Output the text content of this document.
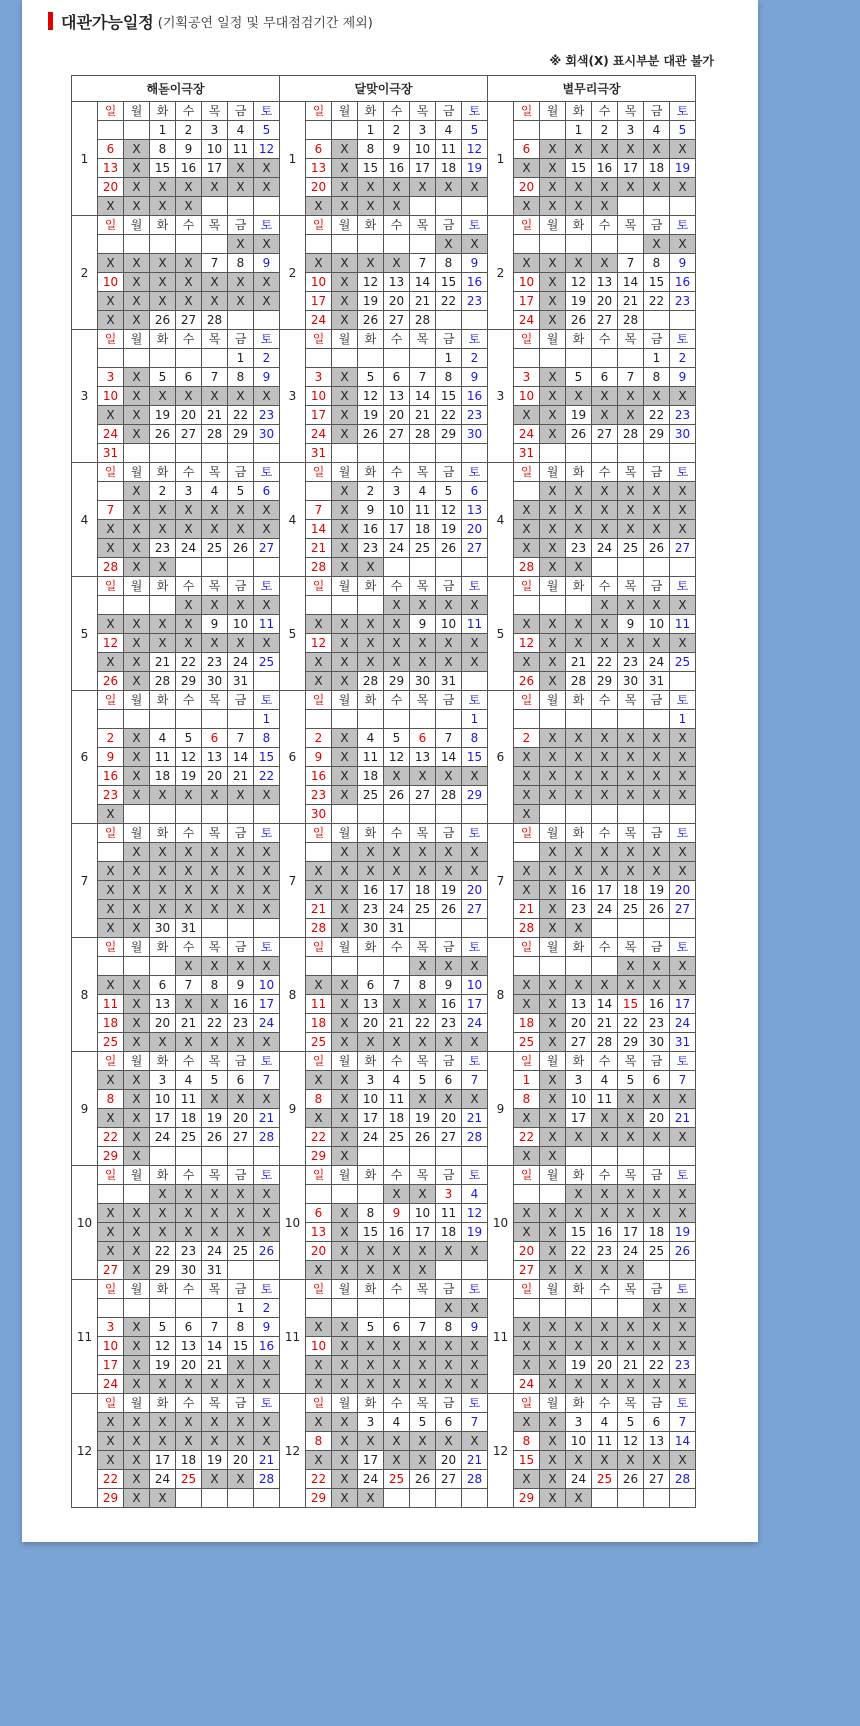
대관가능일정 (기획공연 일정 및 무대점검기간 제외)
※ 회색(X) 표시부분 대관 불가
해돋이극장								달맞이극장								별무리극장							
1	일	월	화	수	목	금	토	1	일	월	화	수	목	금	토	1	일	월	화	수	목	금	토
			1	2	3	4	5				1	2	3	4	5				1	2	3	4	5
	6	X	8	9	10	11	12		6	X	8	9	10	11	12		6	X	X	X	X	X	X
	13	X	15	16	17	X	X		13	X	15	16	17	18	19		X	X	15	16	17	18	19
	20	X	X	X	X	X	X		20	X	X	X	X	X	X		20	X	X	X	X	X	X
	X	X	X	X					X	X	X	X					X	X	X	X			
2	일	월	화	수	목	금	토	2	일	월	화	수	목	금	토	2	일	월	화	수	목	금	토
						X	X							X	X							X	X
	X	X	X	X	7	8	9		X	X	X	X	7	8	9		X	X	X	X	7	8	9
	10	X	X	X	X	X	X		10	X	12	13	14	15	16		10	X	12	13	14	15	16
	X	X	X	X	X	X	X		17	X	19	20	21	22	23		17	X	19	20	21	22	23
	X	X	26	27	28				24	X	26	27	28				24	X	26	27	28		
3	일	월	화	수	목	금	토	3	일	월	화	수	목	금	토	3	일	월	화	수	목	금	토
						1	2							1	2							1	2
	3	X	5	6	7	8	9		3	X	5	6	7	8	9		3	X	5	6	7	8	9
	10	X	X	X	X	X	X		10	X	12	13	14	15	16		10	X	X	X	X	X	X
	X	X	19	20	21	22	23		17	X	19	20	21	22	23		X	X	19	X	X	22	23
	24	X	26	27	28	29	30		24	X	26	27	28	29	30		24	X	26	27	28	29	30
	31								31								31						
4	일	월	화	수	목	금	토	4	일	월	화	수	목	금	토	4	일	월	화	수	목	금	토
		X	2	3	4	5	6			X	2	3	4	5	6			X	X	X	X	X	X
	7	X	X	X	X	X	X		7	X	9	10	11	12	13		X	X	X	X	X	X	X
	X	X	X	X	X	X	X		14	X	16	17	18	19	20		X	X	X	X	X	X	X
	X	X	23	24	25	26	27		21	X	23	24	25	26	27		X	X	23	24	25	26	27
	28	X	X						28	X	X						28	X	X				
5	일	월	화	수	목	금	토	5	일	월	화	수	목	금	토	5	일	월	화	수	목	금	토
				X	X	X	X					X	X	X	X					X	X	X	X
	X	X	X	X	9	10	11		X	X	X	X	9	10	11		X	X	X	X	9	10	11
	12	X	X	X	X	X	X		12	X	X	X	X	X	X		12	X	X	X	X	X	X
	X	X	21	22	23	24	25		X	X	X	X	X	X	X		X	X	21	22	23	24	25
	26	X	28	29	30	31			X	X	28	29	30	31			26	X	28	29	30	31	
6	일	월	화	수	목	금	토	6	일	월	화	수	목	금	토	6	일	월	화	수	목	금	토
							1								1								1
	2	X	4	5	6	7	8		2	X	4	5	6	7	8		2	X	X	X	X	X	X
	9	X	11	12	13	14	15		9	X	11	12	13	14	15		X	X	X	X	X	X	X
	16	X	18	19	20	21	22		16	X	18	X	X	X	X		X	X	X	X	X	X	X
	23	X	X	X	X	X	X		23	X	25	26	27	28	29		X	X	X	X	X	X	X
	X								30								X						
7	일	월	화	수	목	금	토	7	일	월	화	수	목	금	토	7	일	월	화	수	목	금	토
		X	X	X	X	X	X			X	X	X	X	X	X			X	X	X	X	X	X
	X	X	X	X	X	X	X		X	X	X	X	X	X	X		X	X	X	X	X	X	X
	X	X	X	X	X	X	X		X	X	16	17	18	19	20		X	X	16	17	18	19	20
	X	X	X	X	X	X	X		21	X	23	24	25	26	27		21	X	23	24	25	26	27
	X	X	30	31					28	X	30	31					28	X	X				
8	일	월	화	수	목	금	토	8	일	월	화	수	목	금	토	8	일	월	화	수	목	금	토
				X	X	X	X						X	X	X						X	X	X
	X	X	6	7	8	9	10		X	X	6	7	8	9	10		X	X	X	X	X	X	X
	11	X	13	X	X	16	17		11	X	13	X	X	16	17		X	X	13	14	15	16	17
	18	X	20	21	22	23	24		18	X	20	21	22	23	24		18	X	20	21	22	23	24
	25	X	X	X	X	X	X		25	X	X	X	X	X	X		25	X	27	28	29	30	31
9	일	월	화	수	목	금	토	9	일	월	화	수	목	금	토	9	일	월	화	수	목	금	토
	X	X	3	4	5	6	7		X	X	3	4	5	6	7		1	X	3	4	5	6	7
	8	X	10	11	X	X	X		8	X	10	11	X	X	X		8	X	10	11	X	X	X
	X	X	17	18	19	20	21		X	X	17	18	19	20	21		X	X	17	X	X	20	21
	22	X	24	25	26	27	28		22	X	24	25	26	27	28		22	X	X	X	X	X	X
	29	X							29	X							X	X					
10	일	월	화	수	목	금	토	10	일	월	화	수	목	금	토	10	일	월	화	수	목	금	토
			X	X	X	X	X					X	X	3	4				X	X	X	X	X
	X	X	X	X	X	X	X		6	X	8	9	10	11	12		X	X	X	X	X	X	X
	X	X	X	X	X	X	X		13	X	15	16	17	18	19		X	X	15	16	17	18	19
	X	X	22	23	24	25	26		20	X	X	X	X	X	X		20	X	22	23	24	25	26
	27	X	29	30	31				X	X	X	X	X				27	X	X	X	X		
11	일	월	화	수	목	금	토	11	일	월	화	수	목	금	토	11	일	월	화	수	목	금	토
						1	2							X	X							X	X
	3	X	5	6	7	8	9		X	X	5	6	7	8	9		X	X	X	X	X	X	X
	10	X	12	13	14	15	16		10	X	X	X	X	X	X		X	X	X	X	X	X	X
	17	X	19	20	21	X	X		X	X	X	X	X	X	X		X	X	19	20	21	22	23
	24	X	X	X	X	X	X		X	X	X	X	X	X	X		24	X	X	X	X	X	X
12	일	월	화	수	목	금	토	12	일	월	화	수	목	금	토	12	일	월	화	수	목	금	토
	X	X	X	X	X	X	X		X	X	3	4	5	6	7		X	X	3	4	5	6	7
	X	X	X	X	X	X	X		8	X	X	X	X	X	X		8	X	10	11	12	13	14
	X	X	17	18	19	20	21		X	X	17	X	X	20	21		15	X	X	X	X	X	X
	22	X	24	25	X	X	28		22	X	24	25	26	27	28		X	X	24	25	26	27	28
	29	X	X						29	X	X						29	X	X				
